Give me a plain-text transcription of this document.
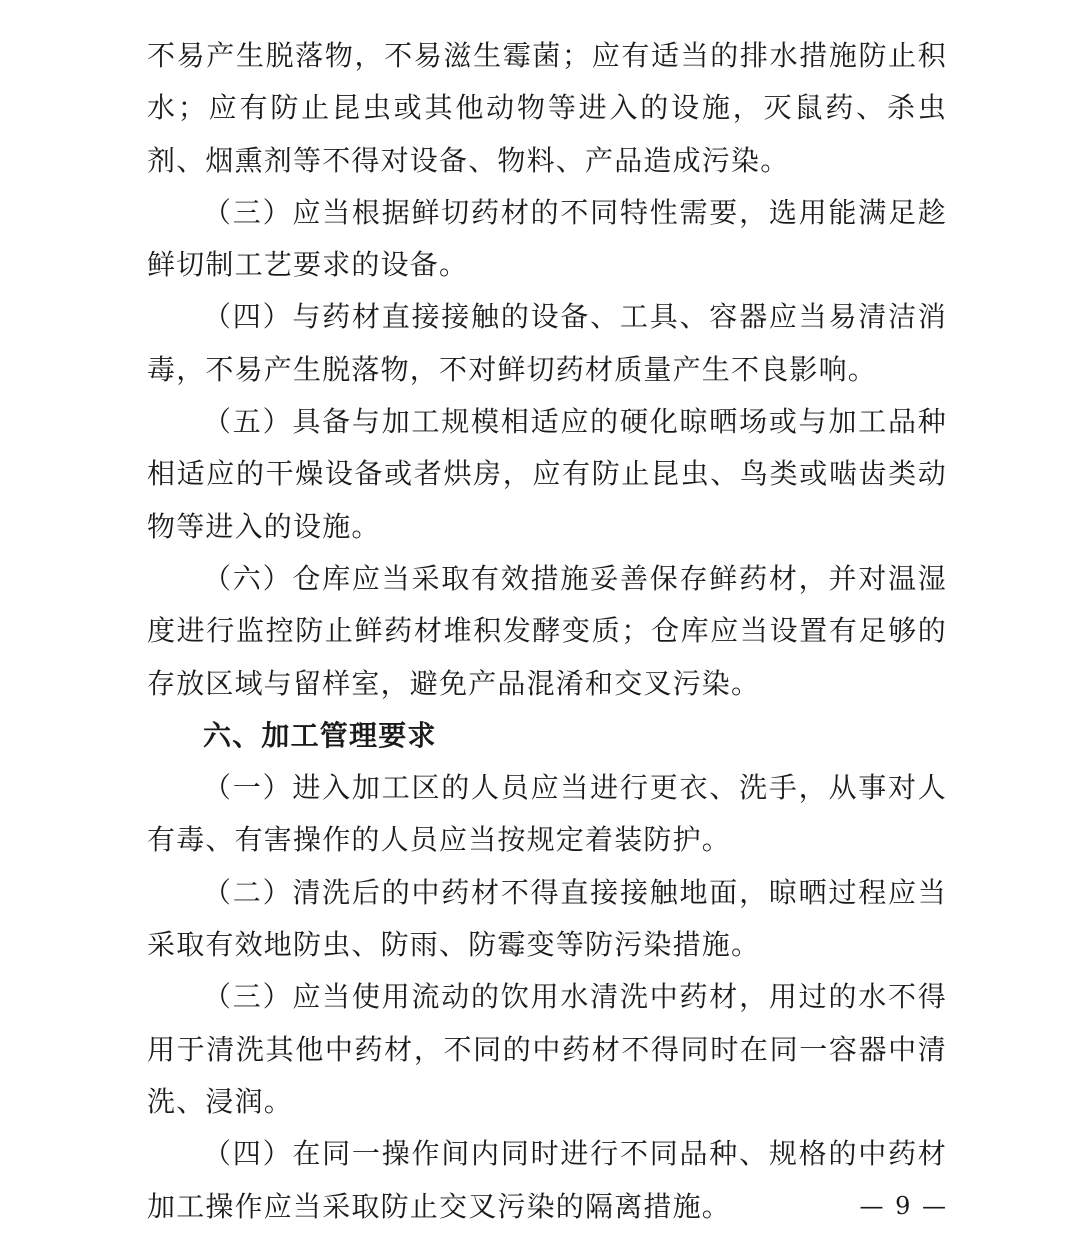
不易产生脱落物，不易滋生霉菌；应有适当的排水措施防止积水；应有防止昆虫或其他动物等进入的设施，灭鼠药、杀虫剂、烟熏剂等不得对设备、物料、产品造成污染。

（三）应当根据鲜切药材的不同特性需要，选用能满足趁鲜切制工艺要求的设备。

（四）与药材直接接触的设备、工具、容器应当易清洁消毒，不易产生脱落物，不对鲜切药材质量产生不良影响。

（五）具备与加工规模相适应的硬化晾晒场或与加工品种相适应的干燥设备或者烘房，应有防止昆虫、鸟类或啮齿类动物等进入的设施。

（六）仓库应当采取有效措施妥善保存鲜药材，并对温湿度进行监控防止鲜药材堆积发酵变质；仓库应当设置有足够的存放区域与留样室，避免产品混淆和交叉污染。

六、加工管理要求

（一）进入加工区的人员应当进行更衣、洗手，从事对人有毒、有害操作的人员应当按规定着装防护。

（二）清洗后的中药材不得直接接触地面，晾晒过程应当采取有效地防虫、防雨、防霉变等防污染措施。

（三）应当使用流动的饮用水清洗中药材，用过的水不得用于清洗其他中药材，不同的中药材不得同时在同一容器中清洗、浸润。

（四）在同一操作间内同时进行不同品种、规格的中药材加工操作应当采取防止交叉污染的隔离措施。	— 9 —
